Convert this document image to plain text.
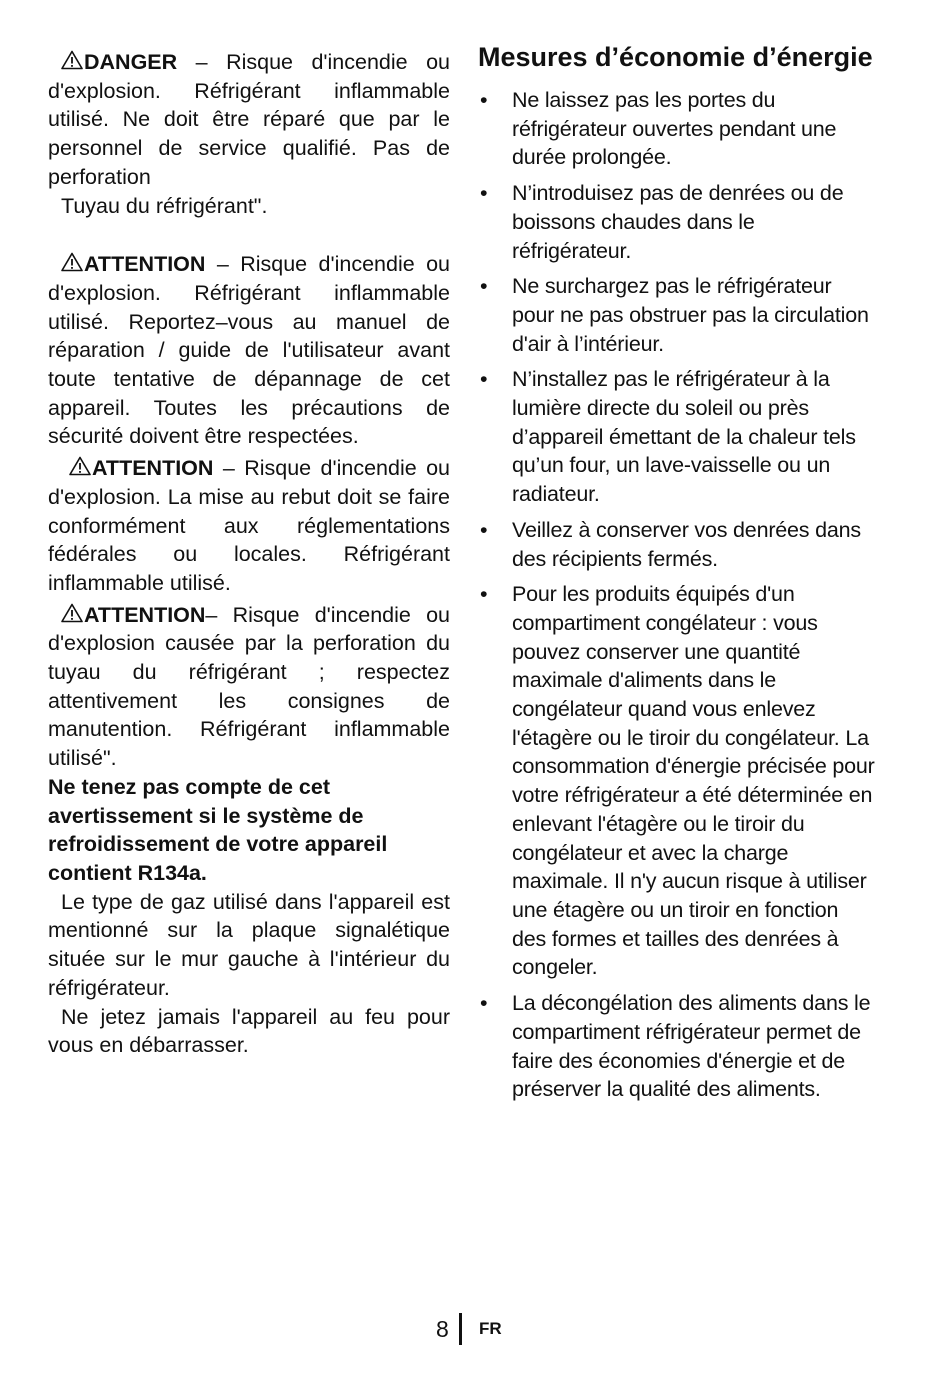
DANGER – Risque d'incendie ou d'explosion. Réfrigérant inflammable utilisé. Ne doit être réparé que par le personnel de service qualifié. Pas de perforation

Tuyau du réfrigérant".

ATTENTION – Risque d'incendie ou d'explosion. Réfrigérant inflammable utilisé. Reportez–vous au manuel de réparation / guide de l'utilisateur avant toute tentative de dépannage de cet appareil. Toutes les précautions de sécurité doivent être respectées.

ATTENTION – Risque d'incendie ou d'explosion. La mise au rebut doit se faire conformément aux réglementations fédérales ou locales. Réfrigérant inflammable utilisé.

ATTENTION– Risque d'incendie ou d'explosion causée par la perforation du tuyau du réfrigérant ; respectez attentivement les consignes de manutention. Réfrigérant inflammable utilisé".

Ne tenez pas compte de cet avertissement si le système de refroidissement de votre appareil contient R134a.

Le type de gaz utilisé dans l'appareil est mentionné sur la plaque signalétique située sur le mur gauche à l'intérieur du réfrigérateur.

Ne jetez jamais l'appareil au feu pour vous en débarrasser.

Mesures d’économie d’énergie
• Ne laissez pas les portes du réfrigérateur ouvertes pendant une durée prolongée.
• N’introduisez pas de denrées ou de boissons chaudes dans le réfrigérateur.
• Ne surchargez pas le réfrigérateur pour ne pas obstruer pas la circulation d'air à l’intérieur.
• N’installez pas le réfrigérateur à la lumière directe du soleil ou près d’appareil émettant de la chaleur tels qu’un four, un lave-vaisselle ou un radiateur.
• Veillez à conserver vos denrées dans des récipients fermés.
• Pour les produits équipés d'un compartiment congélateur : vous pouvez conserver une quantité maximale d'aliments dans le congélateur quand vous enlevez l'étagère ou le tiroir du congélateur. La consommation d'énergie précisée pour votre réfrigérateur a été déterminée en enlevant l'étagère ou le tiroir du congélateur et avec la charge maximale. Il n'y aucun risque à utiliser une étagère ou un tiroir en fonction des formes et tailles des denrées à congeler.
• La décongélation des aliments dans le compartiment réfrigérateur permet de faire des économies d'énergie et de préserver la qualité des aliments.
8 FR
